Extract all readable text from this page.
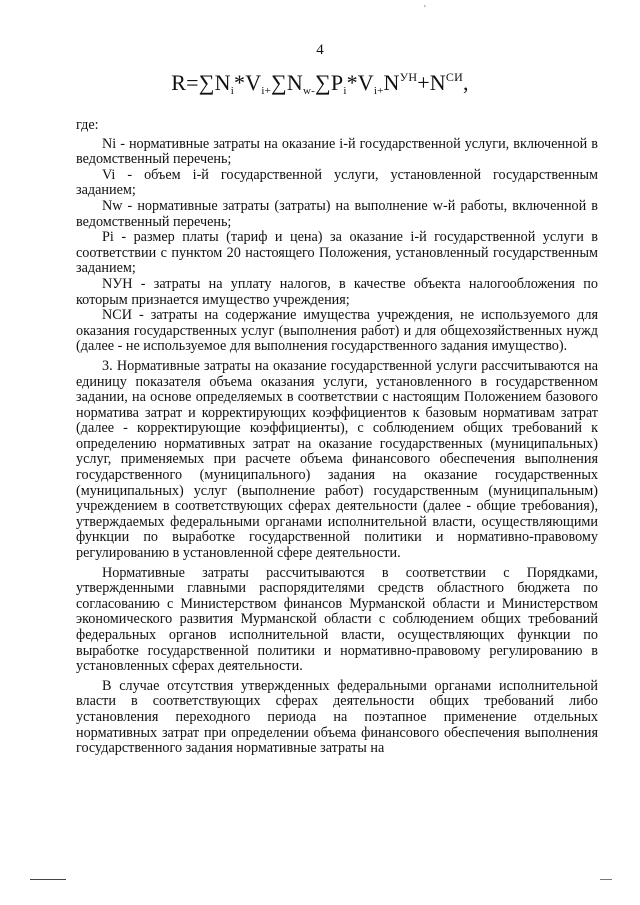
'
4
$R=\sum N_i*V_{i+}\sum N_{w-}\sum P_i*V_{i+}N^{УН}+N^{СИ}$,

где:

Ni - нормативные затраты на оказание i-й государственной услуги, включенной в ведомственный перечень;

Vi - объем i-й государственной услуги, установленной государственным заданием;

Nw - нормативные затраты (затраты) на выполнение w-й работы, включенной в ведомственный перечень;

Pi - размер платы (тариф и цена) за оказание i-й государственной услуги в соответствии с пунктом 20 настоящего Положения, установленный государственным заданием;

NУН - затраты на уплату налогов, в качестве объекта налогообложения по которым признается имущество учреждения;

NСИ - затраты на содержание имущества учреждения, не используемого для оказания государственных услуг (выполнения работ) и для общехозяйственных нужд (далее - не используемое для выполнения государственного задания имущество).

3. Нормативные затраты на оказание государственной услуги рассчитываются на единицу показателя объема оказания услуги, установленного в государственном задании, на основе определяемых в соответствии с настоящим Положением базового норматива затрат и корректирующих коэффициентов к базовым нормативам затрат (далее - корректирующие коэффициенты), с соблюдением общих требований к определению нормативных затрат на оказание государственных (муниципальных) услуг, применяемых при расчете объема финансового обеспечения выполнения государственного (муниципального) задания на оказание государственных (муниципальных) услуг (выполнение работ) государственным (муниципальным) учреждением в соответствующих сферах деятельности (далее - общие требования), утверждаемых федеральными органами исполнительной власти, осуществляющими функции по выработке государственной политики и нормативно-правовому регулированию в установленной сфере деятельности.

Нормативные затраты рассчитываются в соответствии с Порядками, утвержденными главными распорядителями средств областного бюджета по согласованию с Министерством финансов Мурманской области и Министерством экономического развития Мурманской области с соблюдением общих требований федеральных органов исполнительной власти, осуществляющих функции по выработке государственной политики и нормативно-правовому регулированию в установленных сферах деятельности.

В случае отсутствия утвержденных федеральными органами исполнительной власти в соответствующих сферах деятельности общих требований либо установления переходного периода на поэтапное применение отдельных нормативных затрат при определении объема финансового обеспечения выполнения государственного задания нормативные затраты на
